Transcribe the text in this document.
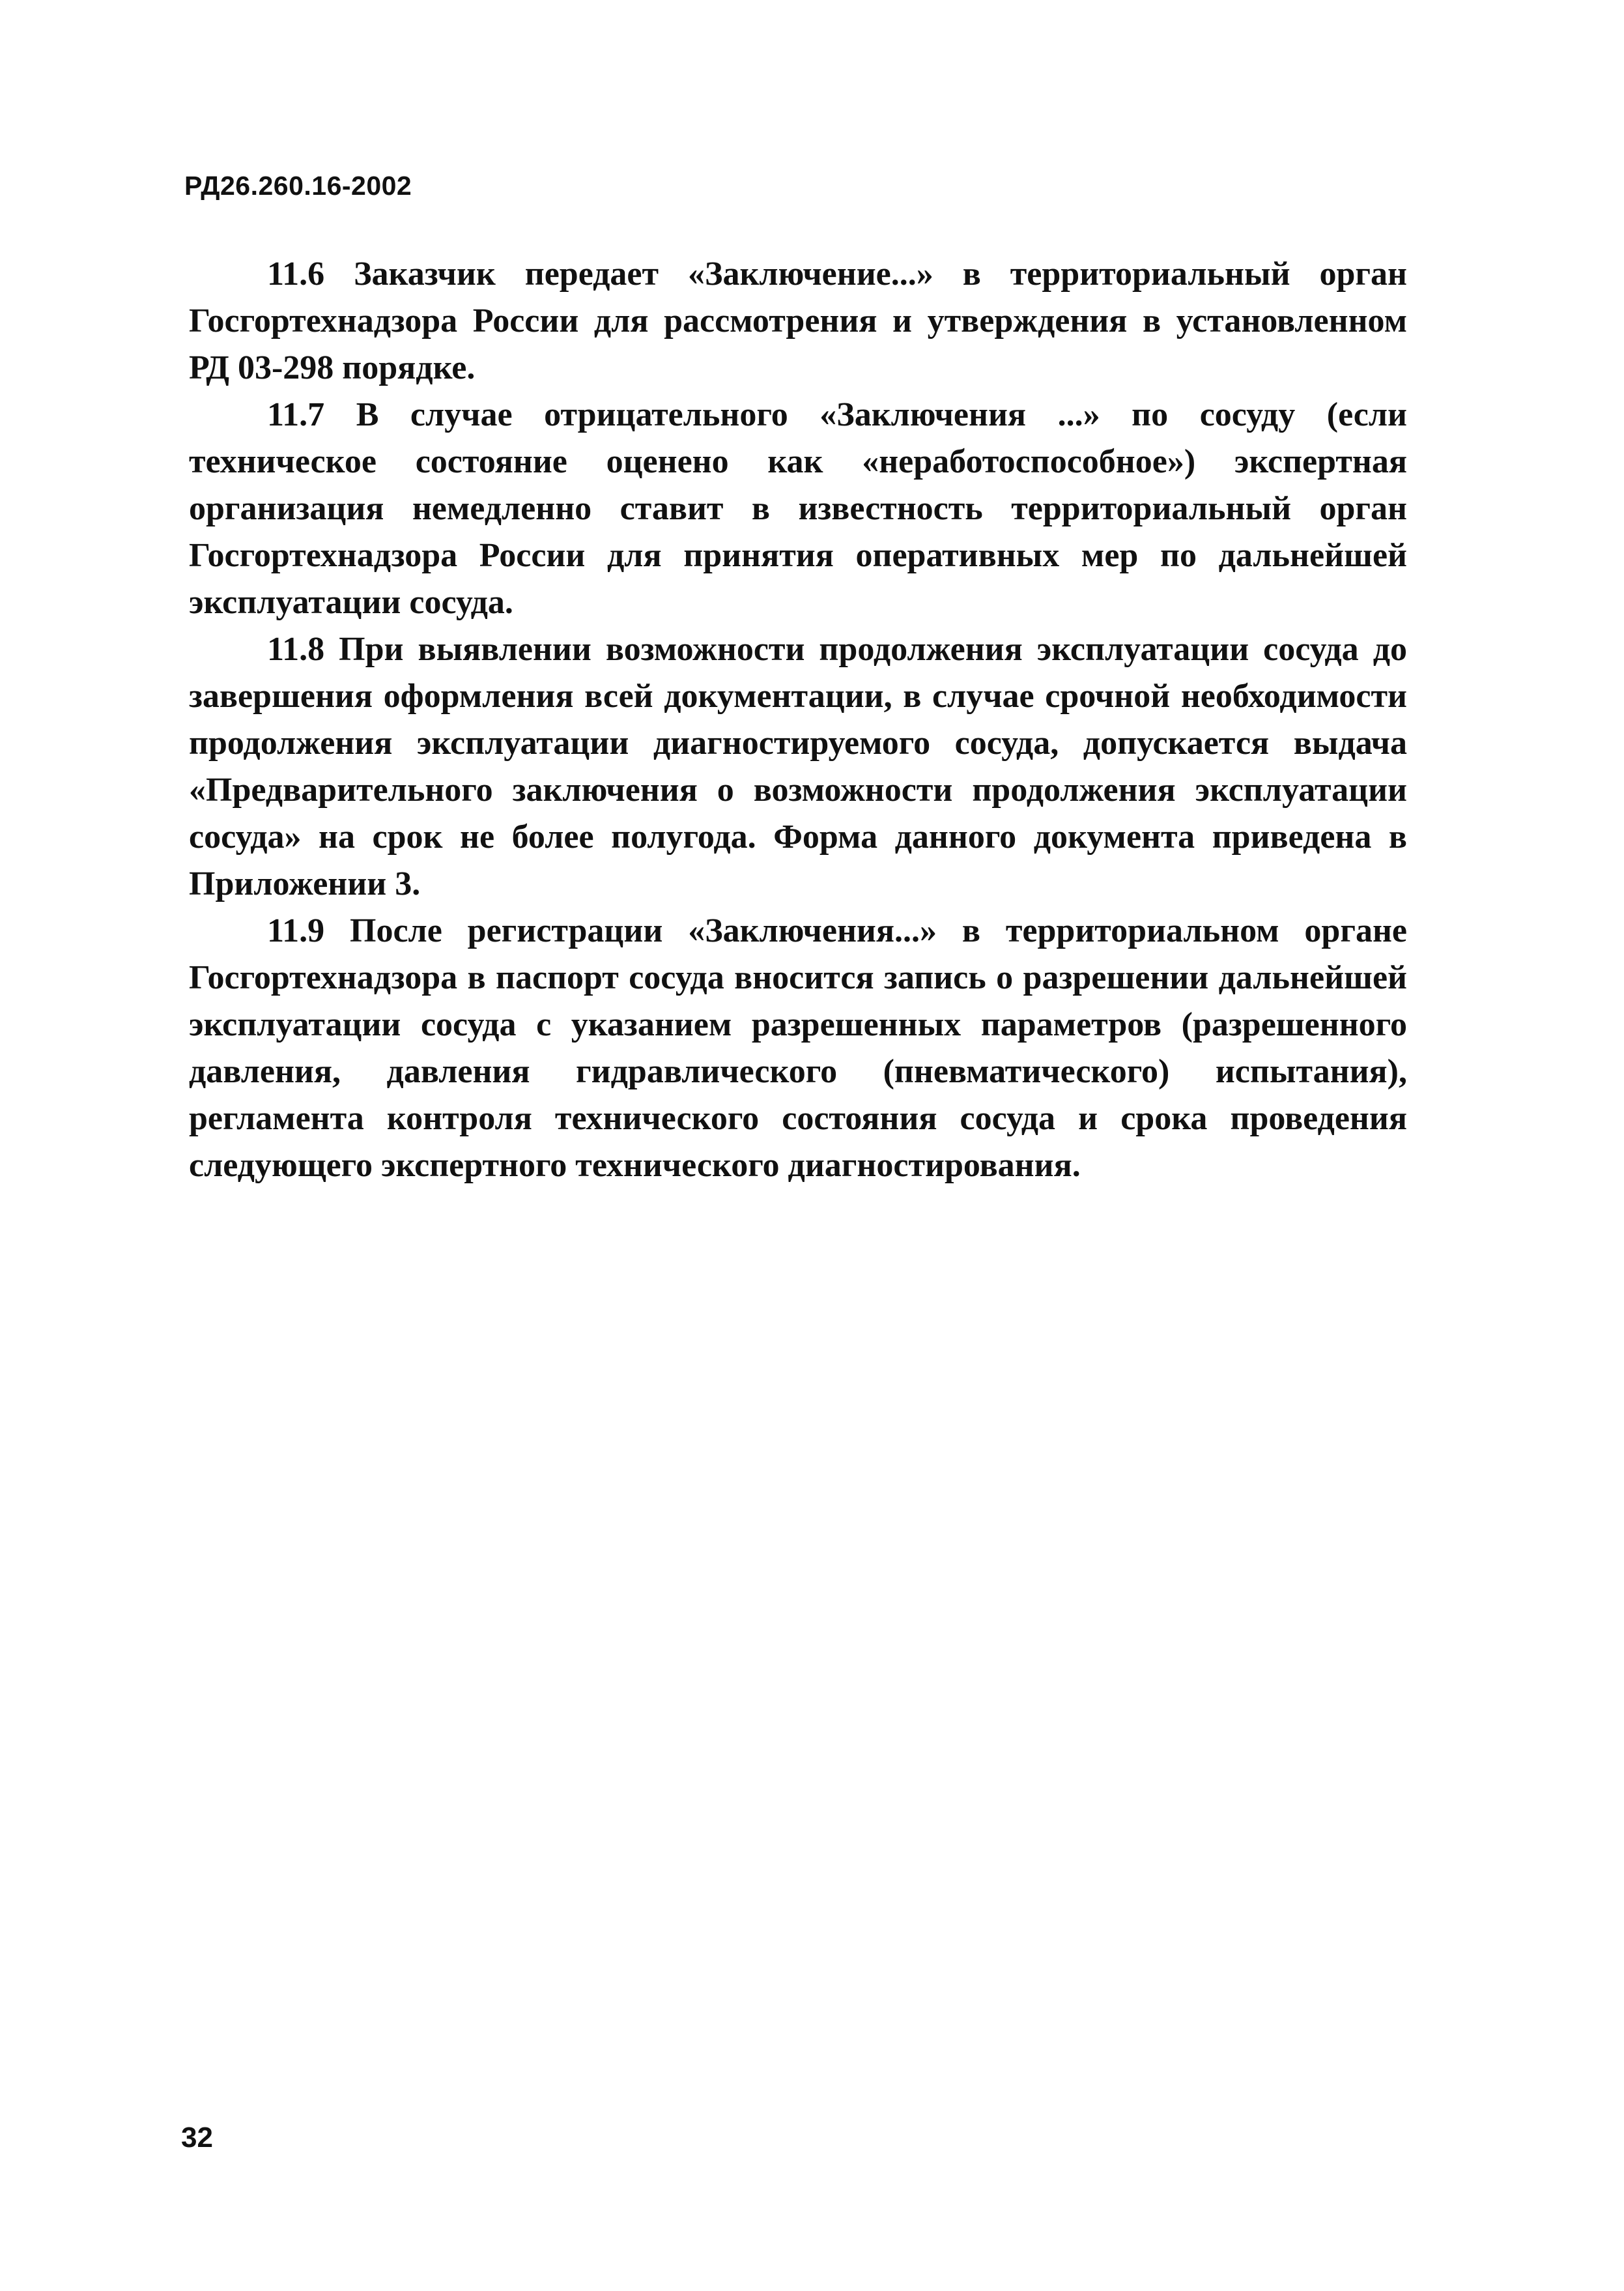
РД26.260.16-2002

11.6 Заказчик передает «Заключение...» в территориальный орган Госгортехнадзора России для рассмотрения и утверждения в установленном РД 03-298 порядке.

11.7 В случае отрицательного «Заключения ...» по сосуду (если техническое состояние оценено как «неработоспособное») экспертная организация немедленно ставит в известность территориальный орган Госгортехнадзора России для принятия оперативных мер по дальнейшей эксплуатации сосуда.

11.8 При выявлении возможности продолжения эксплуатации сосуда до завершения оформления всей документации, в случае срочной необходимости продолжения эксплуатации диагностируемого сосуда, допускается выдача «Предварительного заключения о возможности продолжения эксплуатации сосуда» на срок не более полугода. Форма данного документа приведена в Приложении 3.

11.9 После регистрации «Заключения...» в территориальном органе Госгортехнадзора в паспорт сосуда вносится запись о разрешении дальнейшей эксплуатации сосуда с указанием разрешенных параметров (разрешенного давления, давления гидравлического (пневматического) испытания), регламента контроля технического состояния сосуда и срока проведения следующего экспертного технического диагностирования.

32
